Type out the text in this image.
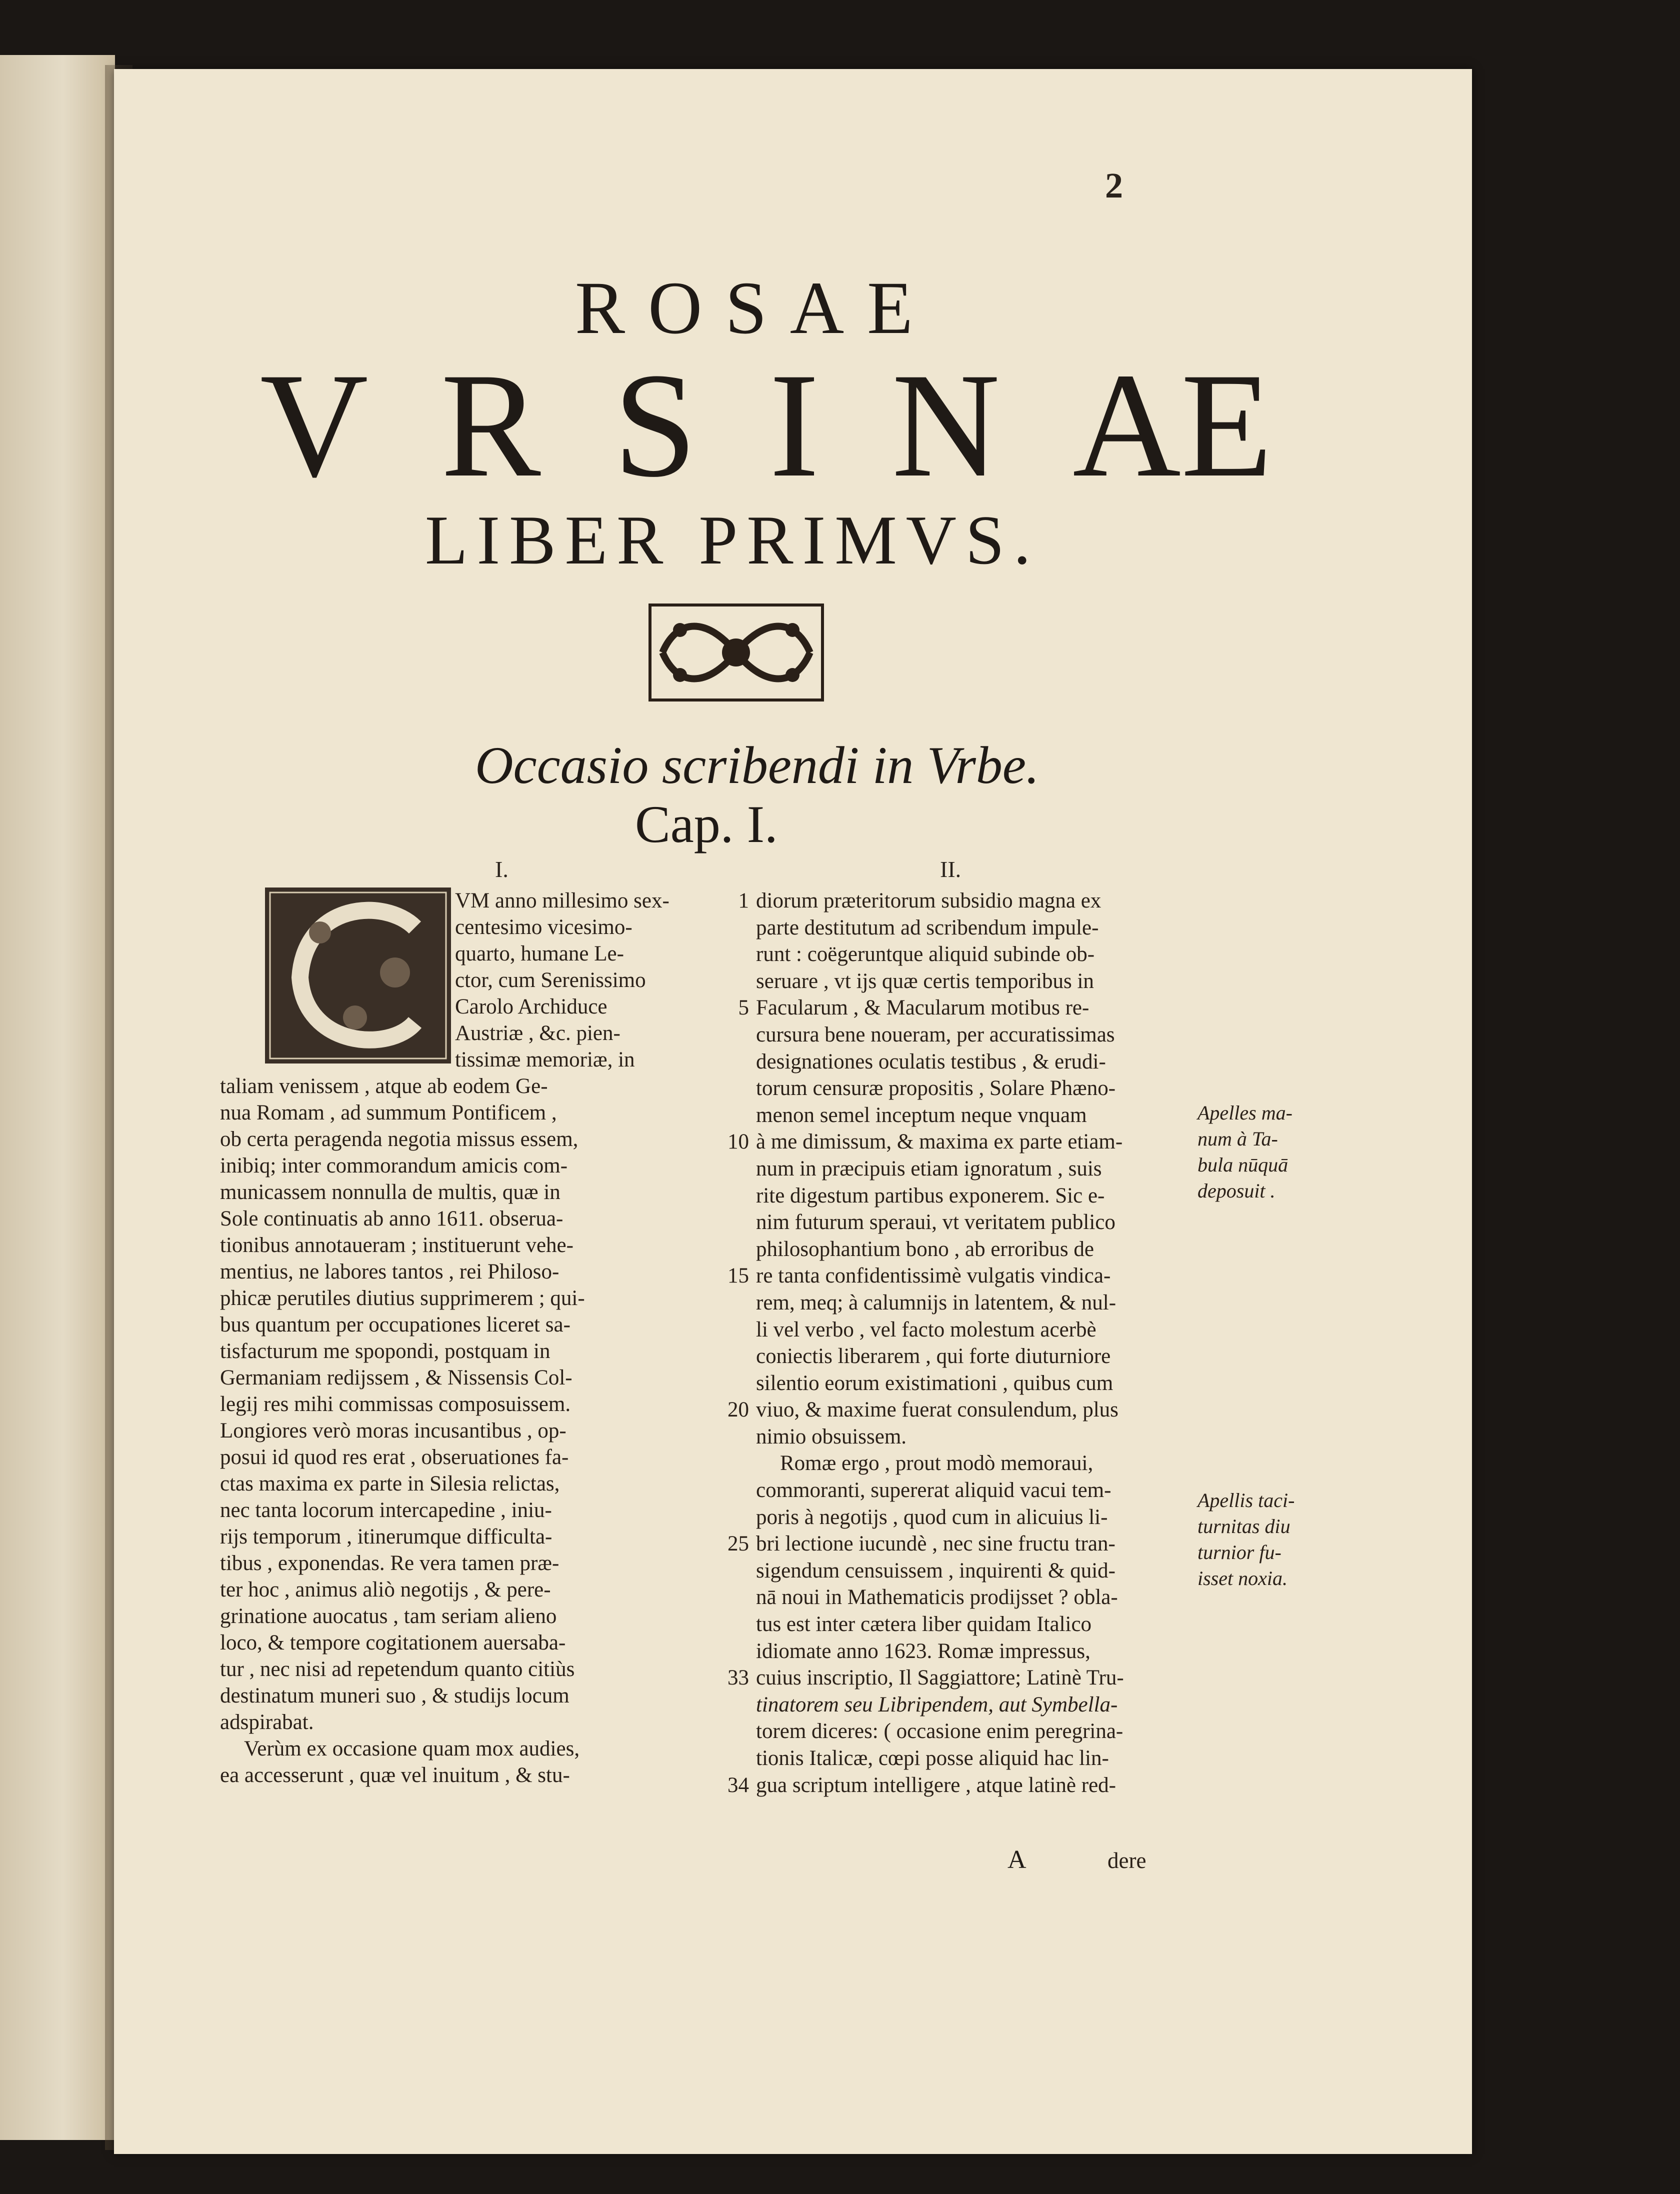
2
ROSAE
V R S I N AE
LIBER PRIMVS.
Occasio scribendi in Vrbe.
Cap. I.
I.	II.
VM anno millesimo sex-
centesimo vicesimo-
quarto, humane Le-
ctor, cum Serenissimo
Carolo Archiduce
Austriæ , &c. pien-
tissimæ memoriæ, in
taliam venissem , atque ab eodem Ge-
nua Romam , ad summum Pontificem ,
ob certa peragenda negotia missus essem,
inibiq; inter commorandum amicis com-
municassem nonnulla de multis, quæ in
Sole continuatis ab anno 1611. obserua-
tionibus annotaueram ; instituerunt vehe-
mentius, ne labores tantos , rei Philoso-
phicæ perutiles diutius supprimerem ; qui-
bus quantum per occupationes liceret sa-
tisfacturum me spopondi, postquam in
Germaniam redijssem , & Nissensis Col-
legij res mihi commissas composuissem.
Longiores verò moras incusantibus , op-
posui id quod res erat , obseruationes fa-
ctas maxima ex parte in Silesia relictas,
nec tanta locorum intercapedine , iniu-
rijs temporum , itinerumque difficulta-
tibus , exponendas. Re vera tamen præ-
ter hoc , animus aliò negotijs , & pere-
grinatione auocatus , tam seriam alieno
loco, & tempore cogitationem auersaba-
tur , nec nisi ad repetendum quanto citiùs
destinatum muneri suo , & studijs locum
adspirabat.
Verùm ex occasione quam mox audies,
ea accesserunt , quæ vel inuitum , & stu-
1
5
10
15
20
25
33
34
diorum præteritorum subsidio magna ex
parte destitutum ad scribendum impule-
runt : coëgeruntque aliquid subinde ob-
seruare , vt ijs quæ certis temporibus in
Facularum , & Macularum motibus re-
cursura bene noueram, per accuratissimas
designationes oculatis testibus , & erudi-
torum censuræ propositis , Solare Phæno-
menon semel inceptum neque vnquam
à me dimissum, & maxima ex parte etiam-
num in præcipuis etiam ignoratum , suis
rite digestum partibus exponerem. Sic e-
nim futurum speraui, vt veritatem publico
philosophantium bono , ab erroribus de
re tanta confidentissimè vulgatis vindica-
rem, meq; à calumnijs in latentem, & nul-
li vel verbo , vel facto molestum acerbè
coniectis liberarem , qui forte diuturniore
silentio eorum existimationi , quibus cum
viuo, & maxime fuerat consulendum, plus
nimio obsuissem.
Romæ ergo , prout modò memoraui,
commoranti, supererat aliquid vacui tem-
poris à negotijs , quod cum in alicuius li-
bri lectione iucundè , nec sine fructu tran-
sigendum censuissem , inquirenti & quid-
nā noui in Mathematicis prodijsset ? obla-
tus est inter cætera liber quidam Italico
idiomate anno 1623. Romæ impressus,
cuius inscriptio, Il Saggiattore; Latinè Tru-
tinatorem seu Libripendem, aut Symbella-
torem diceres: ( occasione enim peregrina-
tionis Italicæ, cœpi posse aliquid hac lin-
gua scriptum intelligere , atque latinè red-
Apelles ma-
num à Ta-
bula nūquā
deposuit .
Apellis taci-
turnitas diu
turnior fu-
isset noxia.
A	dere
